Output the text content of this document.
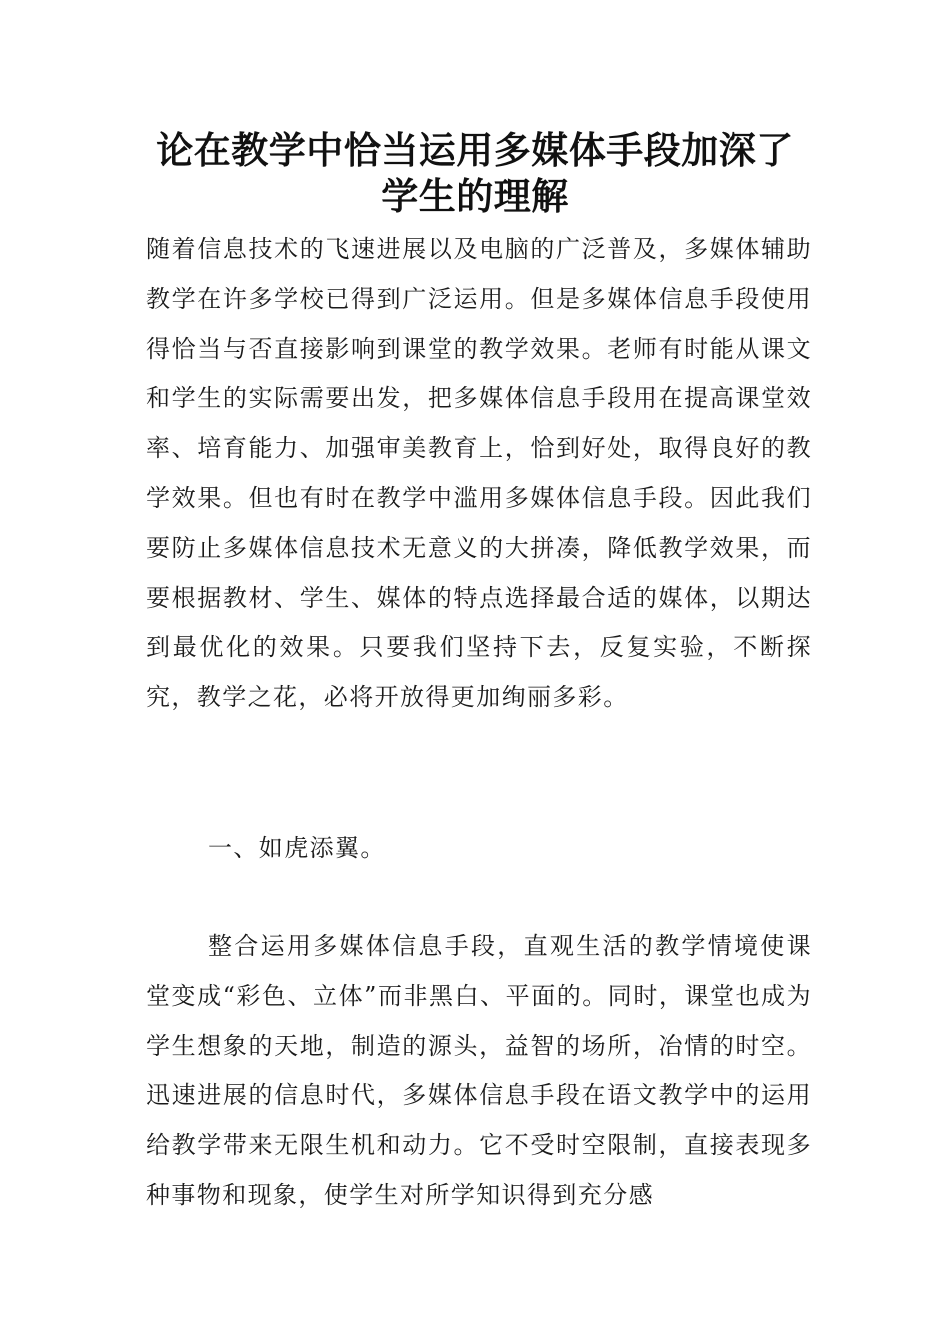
论在教学中恰当运用多媒体手段加深了
学生的理解

随着信息技术的飞速进展以及电脑的广泛普及，多媒体辅助教学在许多学校已得到广泛运用。但是多媒体信息手段使用得恰当与否直接影响到课堂的教学效果。老师有时能从课文和学生的实际需要出发，把多媒体信息手段用在提高课堂效率、培育能力、加强审美教育上，恰到好处，取得良好的教学效果。但也有时在教学中滥用多媒体信息手段。因此我们要防止多媒体信息技术无意义的大拼凑，降低教学效果，而要根据教材、学生、媒体的特点选择最合适的媒体，以期达到最优化的效果。只要我们坚持下去，反复实验，不断探究，教学之花，必将开放得更加绚丽多彩。

一、如虎添翼。

整合运用多媒体信息手段，直观生活的教学情境使课堂变成“彩色、立体”而非黑白、平面的。同时，课堂也成为学生想象的天地，制造的源头，益智的场所，冶情的时空。迅速进展的信息时代，多媒体信息手段在语文教学中的运用给教学带来无限生机和动力。它不受时空限制，直接表现多种事物和现象，使学生对所学知识得到充分感
